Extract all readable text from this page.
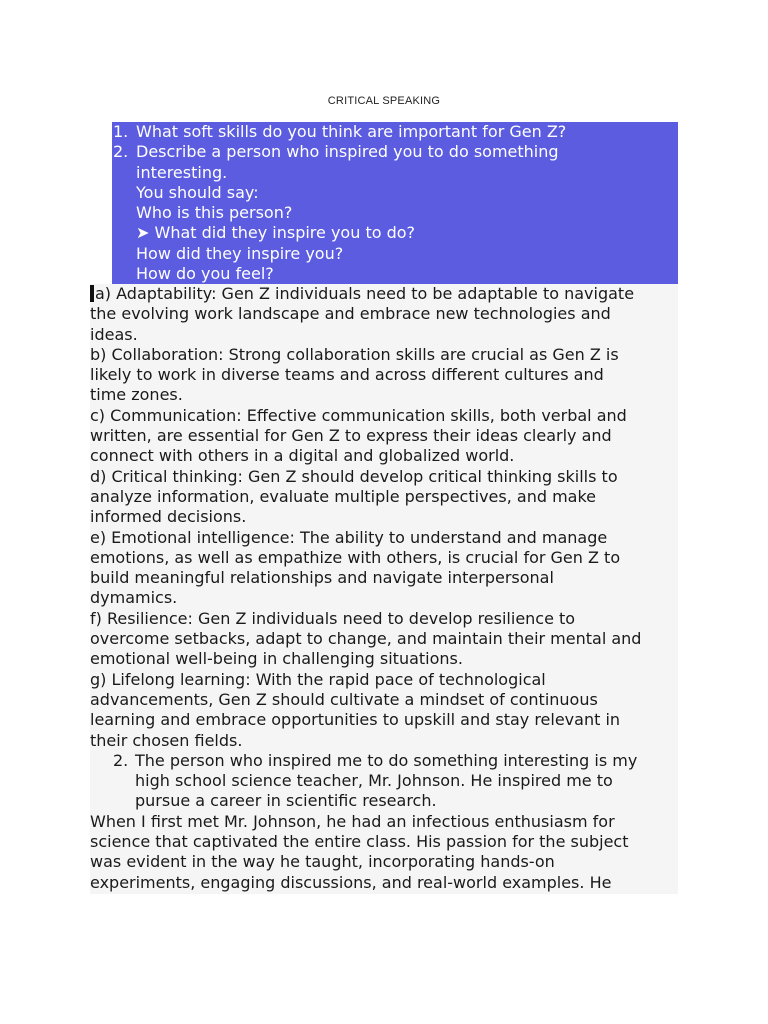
CRITICAL SPEAKING
1. What soft skills do you think are important for Gen Z?
2. Describe a person who inspired you to do something
interesting.
You should say:
Who is this person?
➤ What did they inspire you to do?
How did they inspire you?
How do you feel?
a) Adaptability: Gen Z individuals need to be adaptable to navigate
the evolving work landscape and embrace new technologies and
ideas.
b) Collaboration: Strong collaboration skills are crucial as Gen Z is
likely to work in diverse teams and across different cultures and
time zones.
c) Communication: Effective communication skills, both verbal and
written, are essential for Gen Z to express their ideas clearly and
connect with others in a digital and globalized world.
d) Critical thinking: Gen Z should develop critical thinking skills to
analyze information, evaluate multiple perspectives, and make
informed decisions.
e) Emotional intelligence: The ability to understand and manage
emotions, as well as empathize with others, is crucial for Gen Z to
build meaningful relationships and navigate interpersonal
dymamics.
f) Resilience: Gen Z individuals need to develop resilience to
overcome setbacks, adapt to change, and maintain their mental and
emotional well-being in challenging situations.
g) Lifelong learning: With the rapid pace of technological
advancements, Gen Z should cultivate a mindset of continuous
learning and embrace opportunities to upskill and stay relevant in
their chosen fields.
2. The person who inspired me to do something interesting is my
high school science teacher, Mr. Johnson. He inspired me to
pursue a career in scientific research.
When I first met Mr. Johnson, he had an infectious enthusiasm for
science that captivated the entire class. His passion for the subject
was evident in the way he taught, incorporating hands-on
experiments, engaging discussions, and real-world examples. He
